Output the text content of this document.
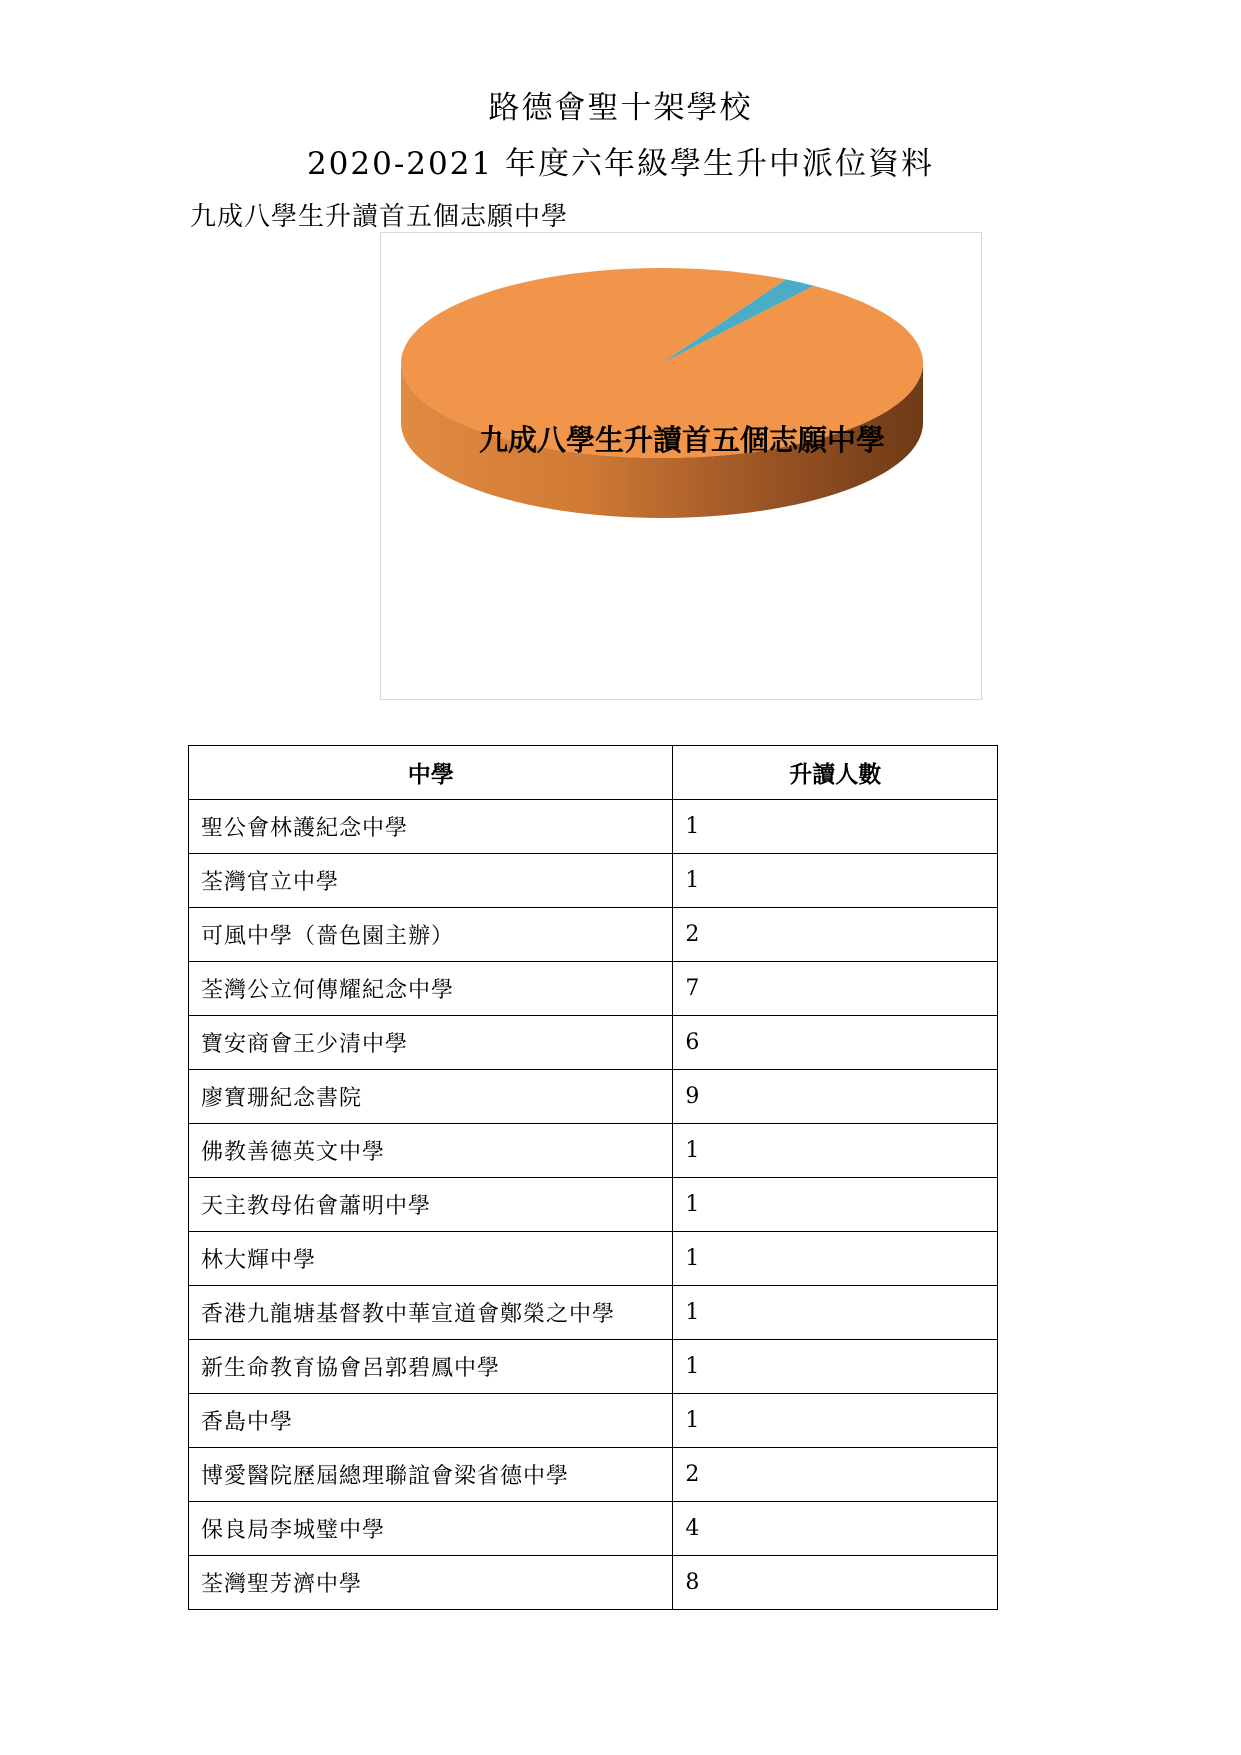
路德會聖十架學校
2020-2021 年度六年級學生升中派位資料
九成八學生升讀首五個志願中學
九成八學生升讀首五個志願中學
中學	升讀人數
聖公會林護紀念中學	1
荃灣官立中學	1
可風中學（嗇色園主辦）	2
荃灣公立何傳耀紀念中學	7
寶安商會王少清中學	6
廖寶珊紀念書院	9
佛教善德英文中學	1
天主教母佑會蕭明中學	1
林大輝中學	1
香港九龍塘基督教中華宣道會鄭榮之中學	1
新生命教育協會呂郭碧鳳中學	1
香島中學	1
博愛醫院歷屆總理聯誼會梁省德中學	2
保良局李城璧中學	4
荃灣聖芳濟中學	8
